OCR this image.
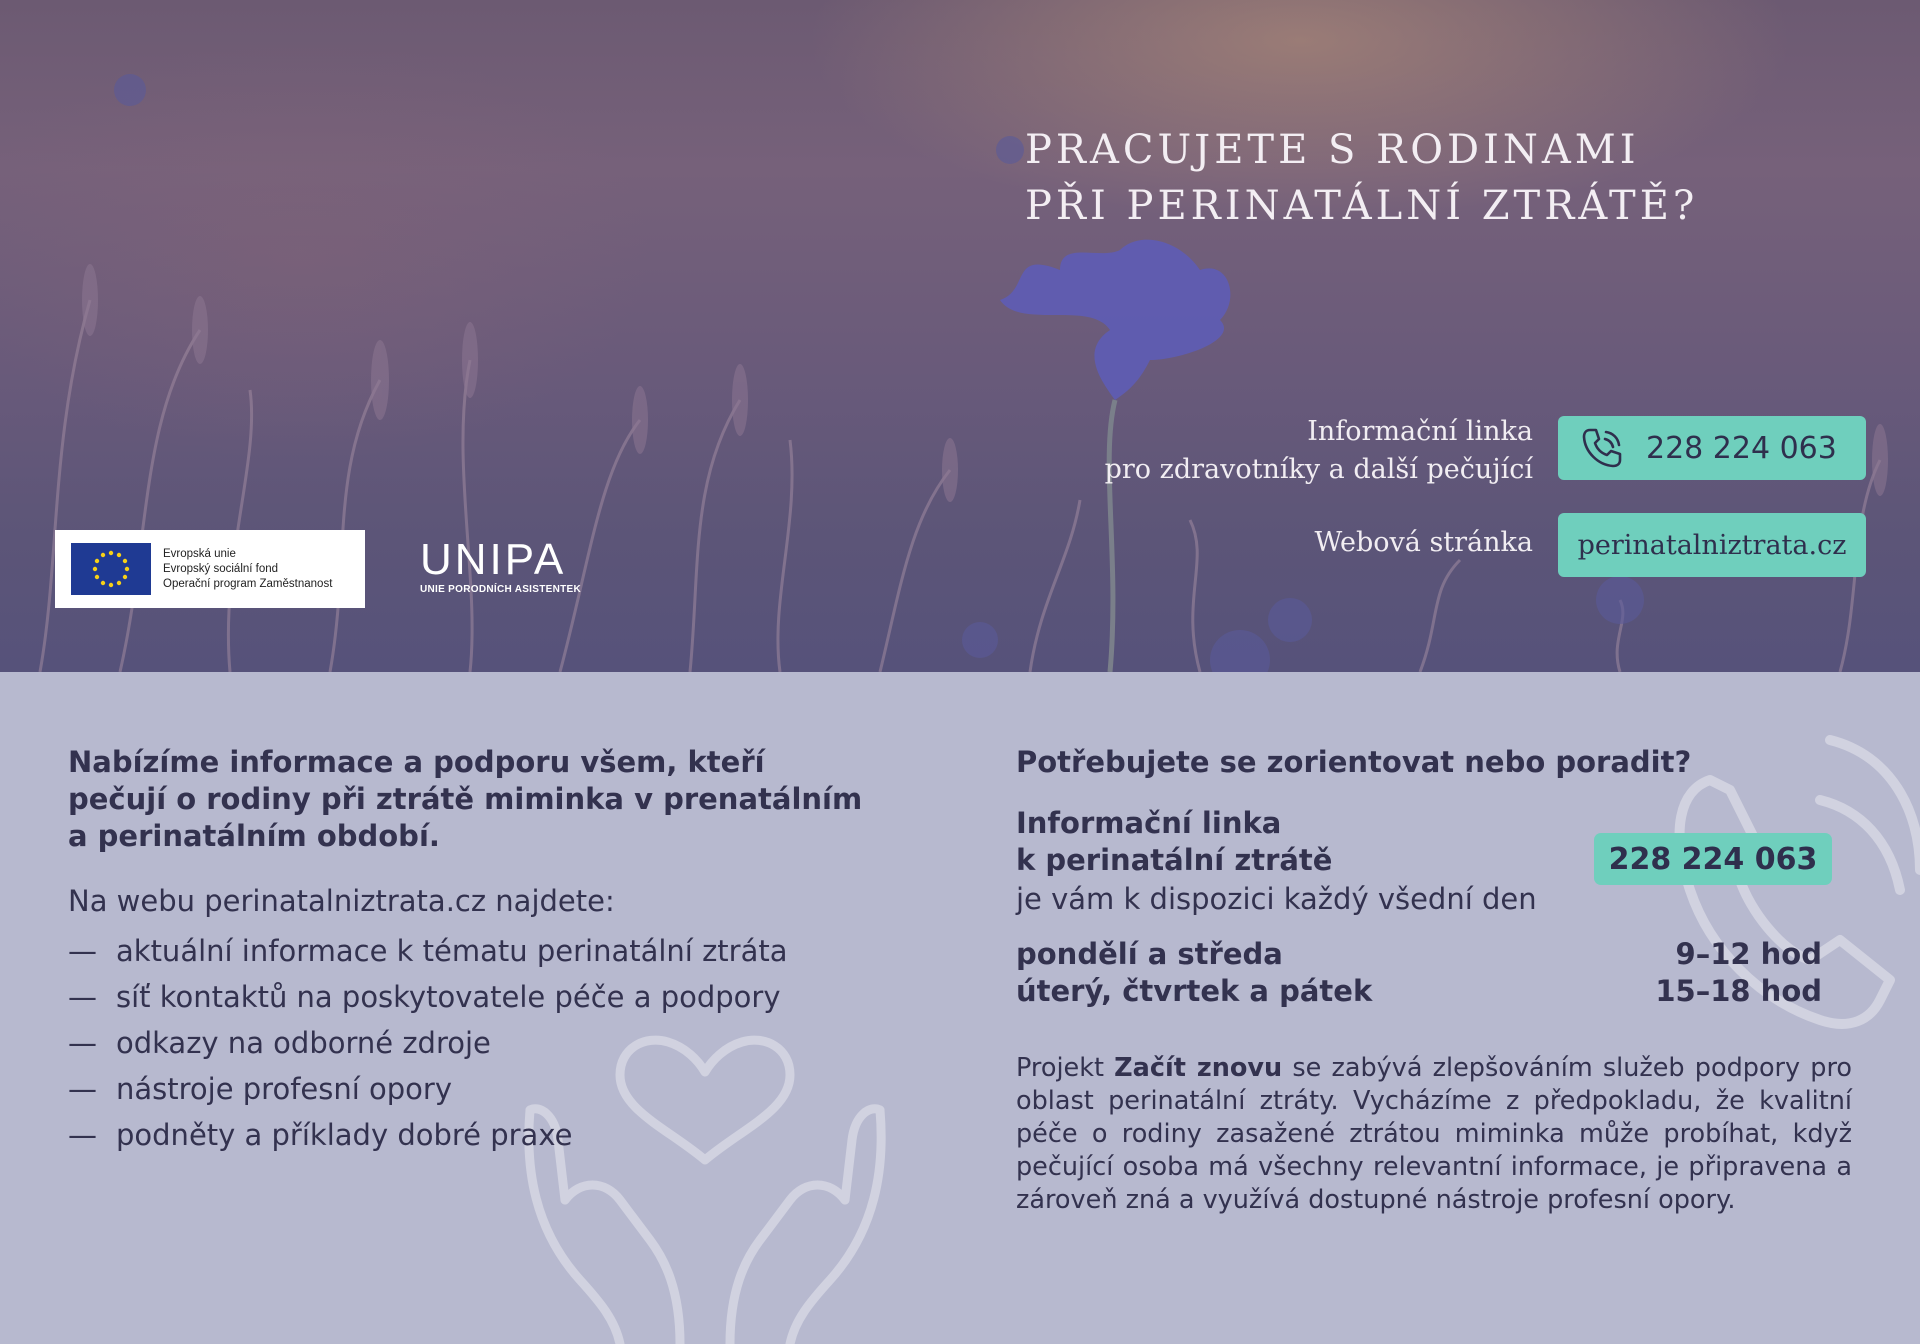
PRACUJETE S RODINAMI
PŘI PERINATÁLNÍ ZTRÁTĚ?
Informační linka
pro zdravotníky a další pečující
228 224 063
Webová stránka	perinatalniztrata.cz
Evropská unie
Evropský sociální fond
Operační program Zaměstnanost UNIPA
UNIE PORODNÍCH ASISTENTEK

Nabízíme informace a podporu všem, kteří
pečují o rodiny při ztrátě miminka v prenatálním
a perinatálním období.

Na webu perinatalniztrata.cz najdete:
— aktuální informace k tématu perinatální ztráta
— síť kontaktů na poskytovatele péče a podpory
— odkazy na odborné zdroje
— nástroje profesní opory
— podněty a příklady dobré praxe

Potřebujete se zorientovat nebo poradit?

Informační linka
k perinatální ztrátě	228 224 063
je vám k dispozici každý všední den
pondělí a středa	9–12 hod
úterý, čtvrtek a pátek	15–18 hod
Projekt Začít znovu se zabývá zlepšováním služeb podpory pro oblast perinatální ztráty. Vycházíme z předpokladu, že kvalitní péče o rodiny zasažené ztrátou miminka může probíhat, když pečující osoba má všechny relevantní informace, je připravena a zároveň zná a využívá dostupné nástroje profesní opory.
